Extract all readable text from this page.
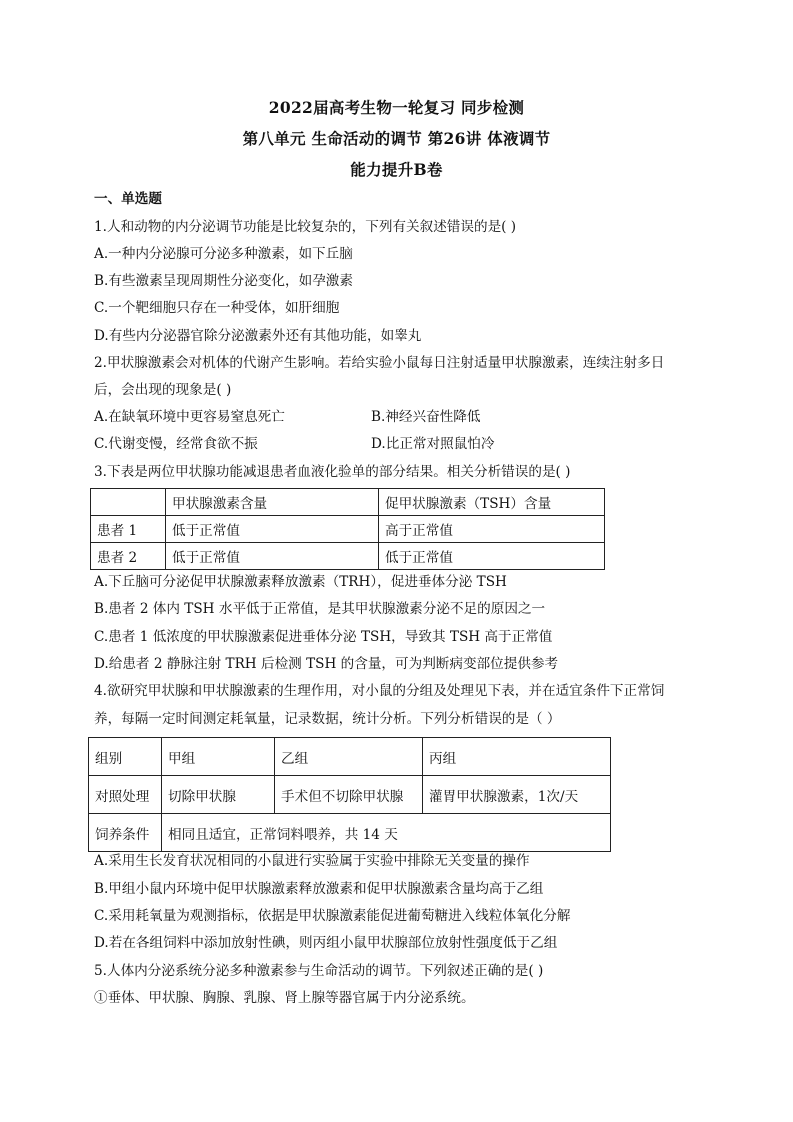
2022届高考生物一轮复习 同步检测
第八单元 生命活动的调节 第26讲 体液调节
能力提升B卷
一、单选题
1.人和动物的内分泌调节功能是比较复杂的，下列有关叙述错误的是( )
A.一种内分泌腺可分泌多种激素，如下丘脑
B.有些激素呈现周期性分泌变化，如孕激素
C.一个靶细胞只存在一种受体，如肝细胞
D.有些内分泌器官除分泌激素外还有其他功能，如睾丸
2.甲状腺激素会对机体的代谢产生影响。若给实验小鼠每日注射适量甲状腺激素，连续注射多日
后，会出现的现象是( )
A.在缺氧环境中更容易窒息死亡	B.神经兴奋性降低
C.代谢变慢，经常食欲不振	D.比正常对照鼠怕冷
3.下表是两位甲状腺功能减退患者血液化验单的部分结果。相关分析错误的是( )
	甲状腺激素含量	促甲状腺激素（TSH）含量
患者 1	低于正常值	高于正常值
患者 2	低于正常值	低于正常值
A.下丘脑可分泌促甲状腺激素释放激素（TRH），促进垂体分泌 TSH
B.患者 2 体内 TSH 水平低于正常值，是其甲状腺激素分泌不足的原因之一
C.患者 1 低浓度的甲状腺激素促进垂体分泌 TSH，导致其 TSH 高于正常值
D.给患者 2 静脉注射 TRH 后检测 TSH 的含量，可为判断病变部位提供参考
4.欲研究甲状腺和甲状腺激素的生理作用，对小鼠的分组及处理见下表，并在适宜条件下正常饲
养，每隔一定时间测定耗氧量，记录数据，统计分析。下列分析错误的是（ ）
组别	甲组	乙组	丙组
对照处理	切除甲状腺	手术但不切除甲状腺	灌胃甲状腺激素，1次/天
饲养条件	相同且适宜，正常饲料喂养，共 14 天		
A.采用生长发育状况相同的小鼠进行实验属于实验中排除无关变量的操作
B.甲组小鼠内环境中促甲状腺激素释放激素和促甲状腺激素含量均高于乙组
C.采用耗氧量为观测指标，依据是甲状腺激素能促进葡萄糖进入线粒体氧化分解
D.若在各组饲料中添加放射性碘，则丙组小鼠甲状腺部位放射性强度低于乙组
5.人体内分泌系统分泌多种激素参与生命活动的调节。下列叙述正确的是( )
①垂体、甲状腺、胸腺、乳腺、肾上腺等器官属于内分泌系统。
